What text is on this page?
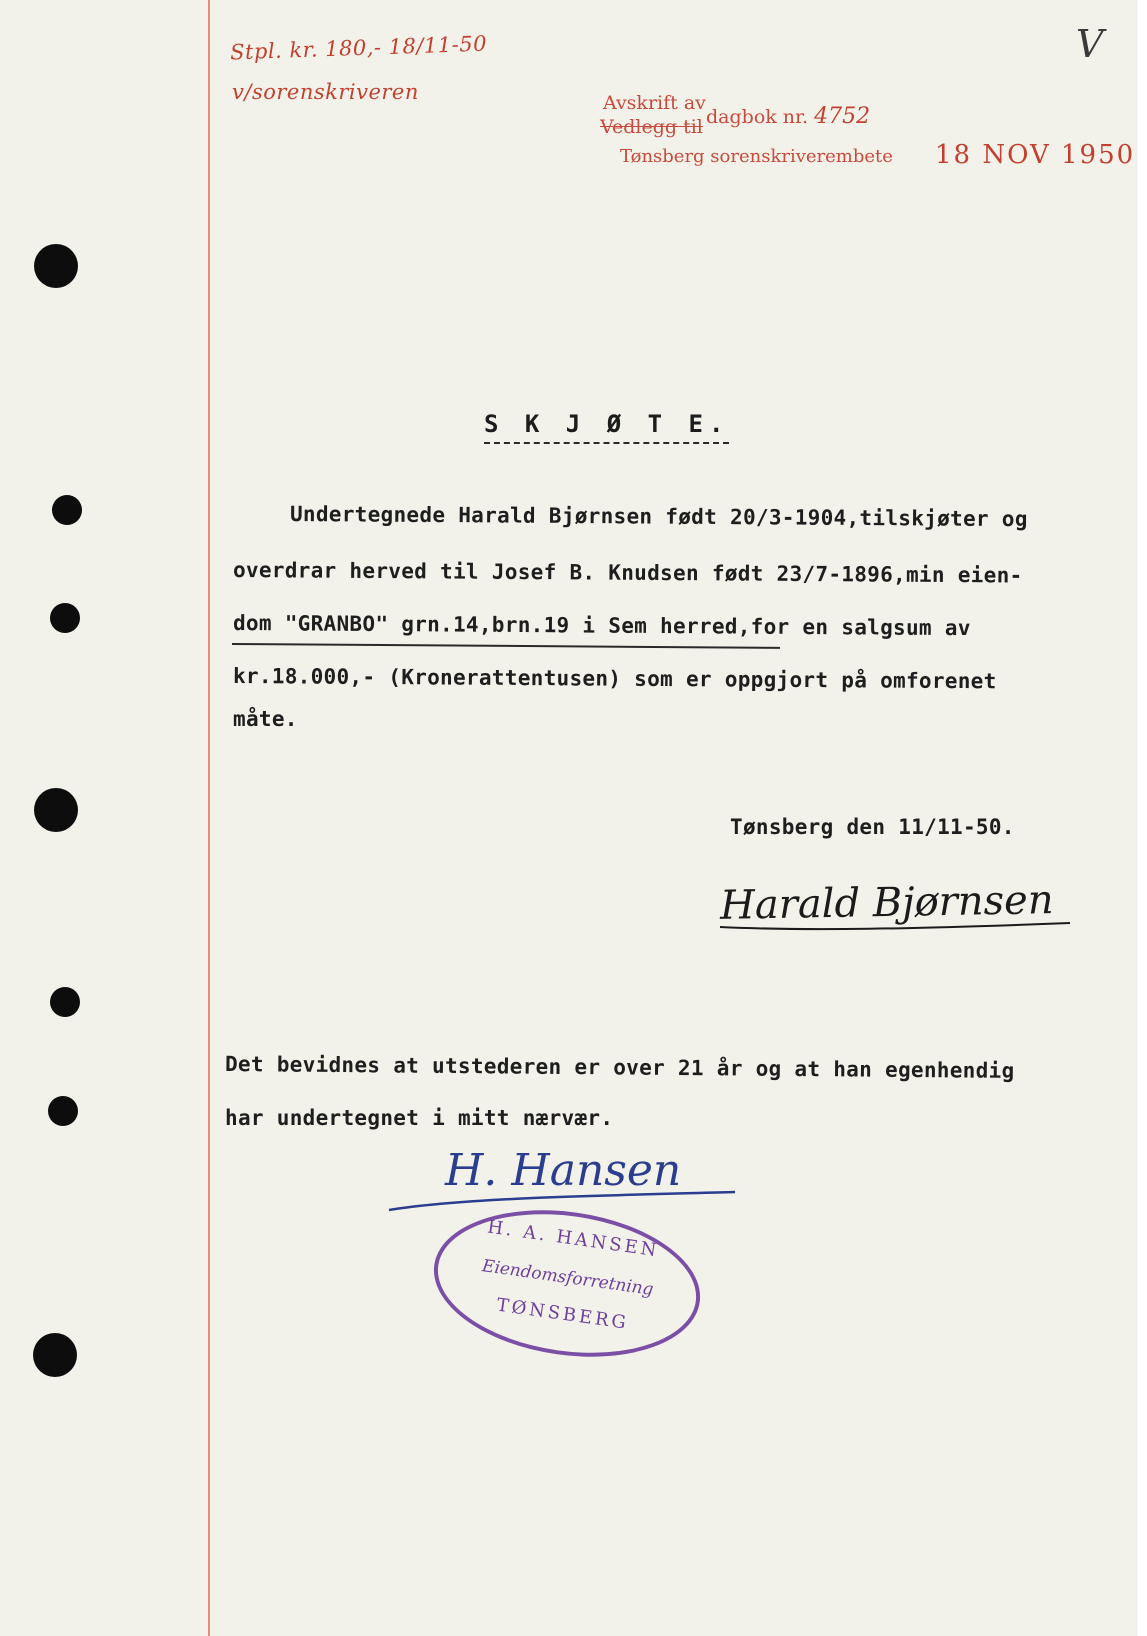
Stpl. kr. 180,- 18/11-50
v/sorenskriveren
V
Avskrift av
Vedlegg til dagbok nr. 4752
Tønsberg sorenskriverembete 18 NOV 1950
S K J Ø T E.
Undertegnede Harald Bjørnsen født 20/3-1904,tilskjøter og
overdrar herved til Josef B. Knudsen født 23/7-1896,min eien-
dom "GRANBO" grn.14,brn.19 i Sem herred,for en salgsum av
kr.18.000,- (Kronerattentusen) som er oppgjort på omforenet
måte.
Tønsberg den 11/11-50.
Harald Bjørnsen
Det bevidnes at utstederen er over 21 år og at han egenhendig
har undertegnet i mitt nærvær.
H. Hansen
H. A. HANSEN
Eiendomsforretning
TØNSBERG
